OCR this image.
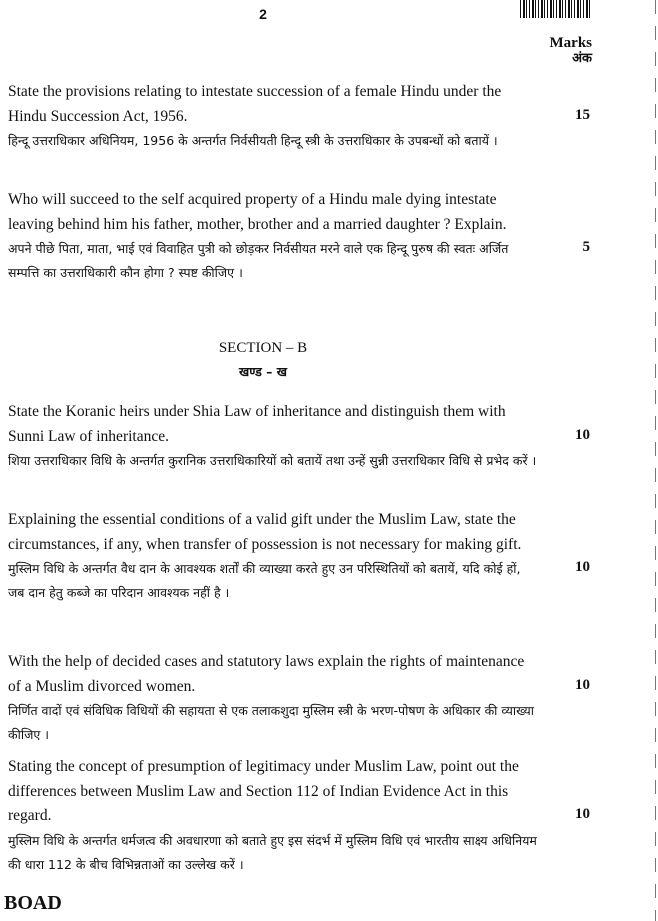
2
Marks
अंक

State the provisions relating to intestate succession of a female Hindu under the Hindu Succession Act, 1956.

हिन्दू उत्तराधिकार अधिनियम, 1956 के अन्तर्गत निर्वसीयती हिन्दू स्त्री के उत्तराधिकार के उपबन्धों को बतायें ।

15

Who will succeed to the self acquired property of a Hindu male dying intestate leaving behind him his father, mother, brother and a married daughter ? Explain.

अपने पीछे पिता, माता, भाई एवं विवाहित पुत्री को छोड़कर निर्वसीयत मरने वाले एक हिन्दू पुरुष की स्वतः अर्जित सम्पत्ति का उत्तराधिकारी कौन होगा ? स्पष्ट कीजिए ।

5
SECTION – B
खण्ड – ख

State the Koranic heirs under Shia Law of inheritance and distinguish them with Sunni Law of inheritance.

शिया उत्तराधिकार विधि के अन्तर्गत कुरानिक उत्तराधिकारियों को बतायें तथा उन्हें सुन्नी उत्तराधिकार विधि से प्रभेद करें ।

10

Explaining the essential conditions of a valid gift under the Muslim Law, state the circumstances, if any, when transfer of possession is not necessary for making gift.

मुस्लिम विधि के अन्तर्गत वैध दान के आवश्यक शर्तों की व्याख्या करते हुए उन परिस्थितियों को बतायें, यदि कोई हों, जब दान हेतु कब्जे का परिदान आवश्यक नहीं है ।

10

With the help of decided cases and statutory laws explain the rights of maintenance of a Muslim divorced women.

निर्णित वादों एवं संविधिक विधियों की सहायता से एक तलाकशुदा मुस्लिम स्त्री के भरण-पोषण के अधिकार की व्याख्या कीजिए ।

10

Stating the concept of presumption of legitimacy under Muslim Law, point out the differences between Muslim Law and Section 112 of Indian Evidence Act in this regard.

मुस्लिम विधि के अन्तर्गत धर्मजत्व की अवधारणा को बताते हुए इस संदर्भ में मुस्लिम विधि एवं भारतीय साक्ष्य अधिनियम की धारा 112 के बीच विभिन्नताओं का उल्लेख करें ।

10
BOAD
